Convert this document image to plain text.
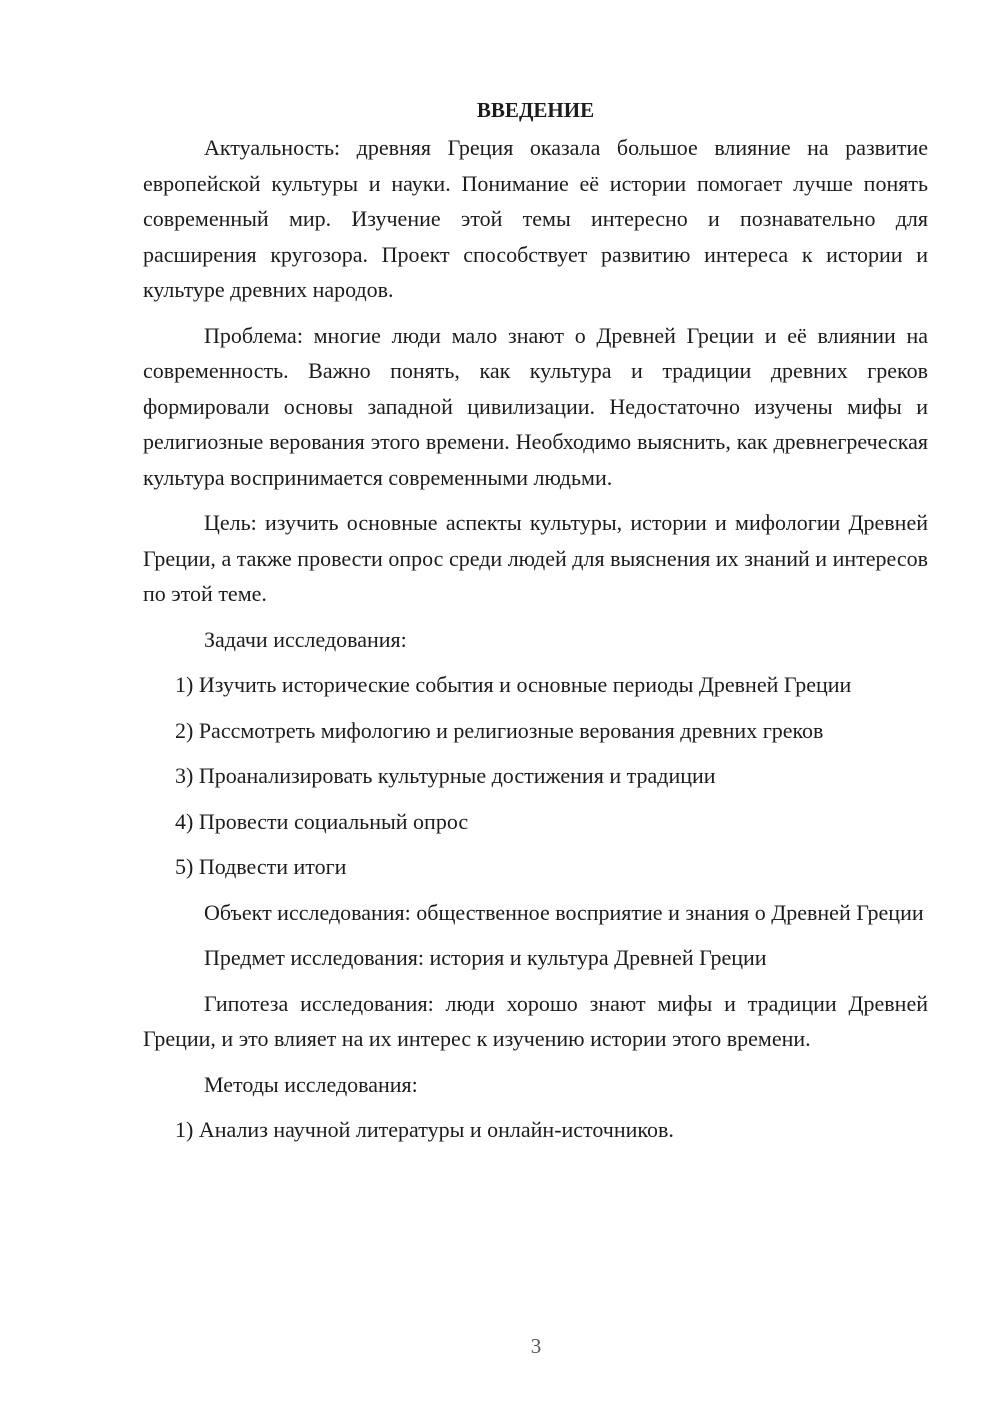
ВВЕДЕНИЕ

Актуальность: древняя Греция оказала большое влияние на развитие европейской культуры и науки. Понимание её истории помогает лучше понять современный мир. Изучение этой темы интересно и познавательно для расширения кругозора. Проект способствует развитию интереса к истории и культуре древних народов.

Проблема: многие люди мало знают о Древней Греции и её влиянии на современность. Важно понять, как культура и традиции древних греков формировали основы западной цивилизации. Недостаточно изучены мифы и религиозные верования этого времени. Необходимо выяснить, как древнегреческая культура воспринимается современными людьми.

Цель: изучить основные аспекты культуры, истории и мифологии Древней Греции, а также провести опрос среди людей для выяснения их знаний и интересов по этой теме.

Задачи исследования:

1) Изучить исторические события и основные периоды Древней Греции

2) Рассмотреть мифологию и религиозные верования древних греков

3) Проанализировать культурные достижения и традиции

4) Провести социальный опрос

5) Подвести итоги

Объект исследования: общественное восприятие и знания о Древней Греции

Предмет исследования: история и культура Древней Греции

Гипотеза исследования: люди хорошо знают мифы и традиции Древней Греции, и это влияет на их интерес к изучению истории этого времени.

Методы исследования:

1) Анализ научной литературы и онлайн-источников.

3
